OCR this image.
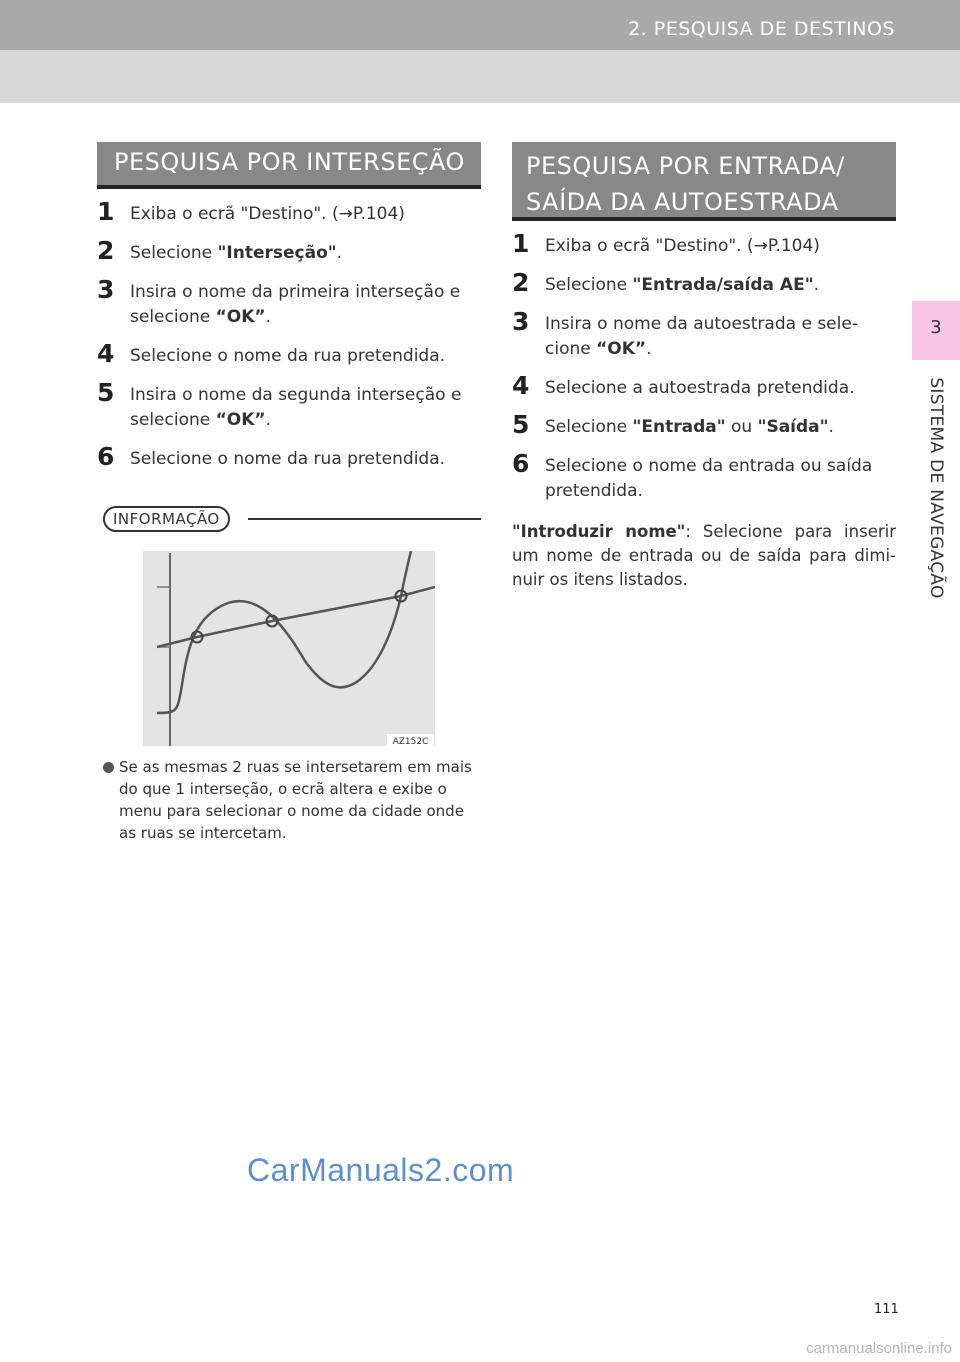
2. PESQUISA DE DESTINOS
3
SISTEMA DE NAVEGAÇÃO
PESQUISA POR INTERSEÇÃO
1 Exiba o ecrã "Destino". (→P.104)
2 Selecione "Interseção".
3 Insira o nome da primeira interseção e selecione “OK”.
4 Selecione o nome da rua pretendida.
5 Insira o nome da segunda interseção e selecione “OK”.
6 Selecione o nome da rua pretendida.
INFORMAÇÃO
AZ152C
Se as mesmas 2 ruas se intersetarem em mais do que 1 interseção, o ecrã altera e exibe o menu para selecionar o nome da cidade onde as ruas se intercetam.
PESQUISA POR ENTRADA/
SAÍDA DA AUTOESTRADA
1 Exiba o ecrã "Destino". (→P.104)
2 Selecione "Entrada/saída AE".
3 Insira o nome da autoestrada e sele-cione “OK”.
4 Selecione a autoestrada pretendida.
5 Selecione "Entrada" ou "Saída".
6 Selecione o nome da entrada ou saída pretendida.
"Introduzir nome": Selecione para inserir um nome de entrada ou de saída para dimi-nuir os itens listados.
CarManuals2.com
111
carmanualsonline.info
